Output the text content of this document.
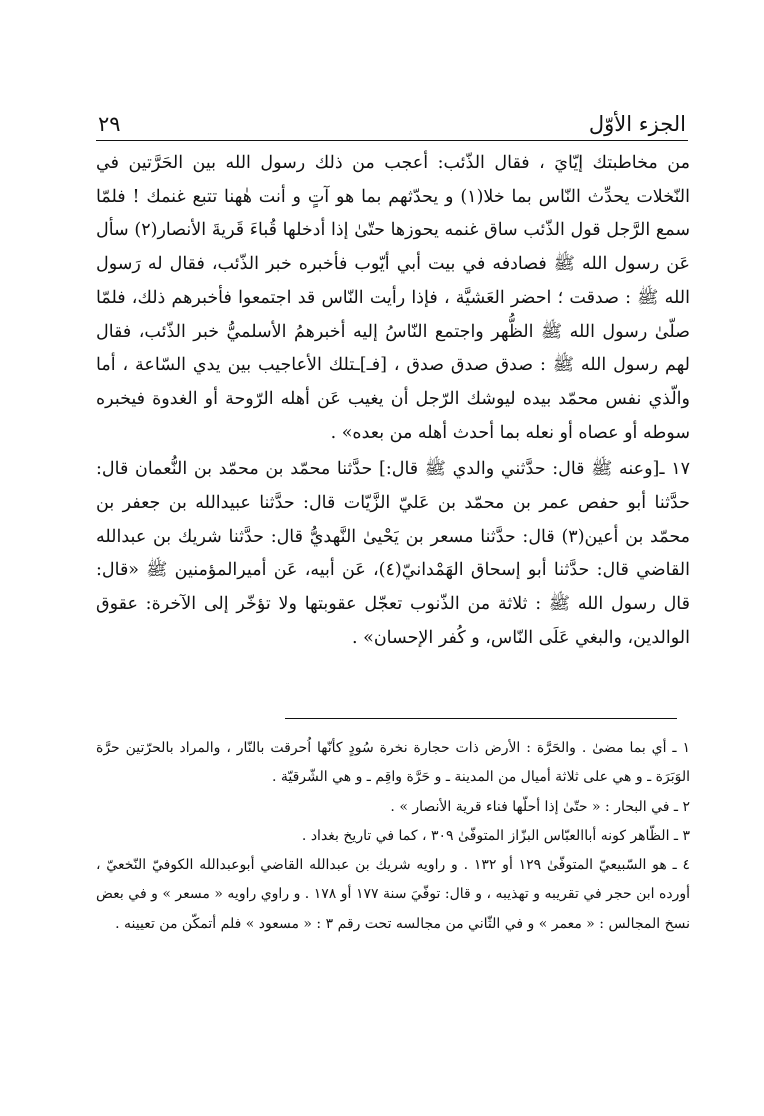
٢٩	الجزء الأوّل

من مخاطبتك إيّايَ ، فقال الذّئب: أعجب من ذلك رسول الله بين الحَرَّتين في النّخلات يحدِّث النّاس بما خلا(١) و يحدّثهم بما هو آتٍ و أنت هٰهنا تتبع غنمك ! فلمّا سمع الرَّجل قول الذّئب ساق غنمه يحوزها حتّىٰ إذا أدخلها قُباءَ قَريةَ الأنصار(٢) سأل عَن رسول الله ﷺ فصادفه في بيت أبي أيّوب فأخبره خبر الذّئب، فقال له رَسول الله ﷺ : صدقت ؛ احضر العَشيَّة ، فإذا رأيت النّاس قد اجتمعوا فأخبرهم ذلك، فلمّا صلّىٰ رسول الله ﷺ الظُّهر واجتمع النّاسُ إليه أخبرهمُ الأسلميُّ خبر الذّئب، فقال لهم رسول الله ﷺ : صدق صدق صدق ، [فـ]ـتلك الأعاجيب بين يدي السّاعة ، أما والّذي نفس محمّد بيده ليوشك الرّجل أن يغيب عَن أهله الرّوحة أو الغدوة فيخبره سوطه أو عصاه أو نعله بما أحدث أهله من بعده» .

١٧ ـ[وعنه ﷺ قال: حدَّثني والدي ﷺ قال:] حدَّثنا محمّد بن محمّد بن النُّعمان قال: حدَّثنا أبو حفص عمر بن محمّد بن عَليّ الزَّيّات قال: حدَّثنا عبيدالله بن جعفر بن محمّد بن أعين(٣) قال: حدَّثنا مسعر بن يَحْيىٰ النَّهديُّ قال: حدَّثنا شريك بن عبدالله القاضي قال: حدَّثنا أبو إسحاق الهَمْدانيّ(٤)، عَن أبيه، عَن أميرالمؤمنين ﷺ «قال: قال رسول الله ﷺ : ثلاثة من الذّنوب تعجّل عقوبتها ولا تؤخّر إلى الآخرة: عقوق الوالدين، والبغي عَلَى النّاس، و كُفر الإحسان» .

١ ـ أي بما مضىٰ . والحَرَّة : الأرض ذات حجارة نخرة سُودٍ كأنّها اُحرقت بالنّار ، والمراد بالحرّتين حرَّة الوَبَرَة ـ و هي على ثلاثة أميال من المدينة ـ و حَرَّة واقِم ـ و هي الشّرقيّة .

٢ ـ في البحار : « حتّىٰ إذا أحلّها فناء قرية الأنصار » .

٣ ـ الظّاهر كونه أباالعبّاس البزّاز المتوفّىٰ ٣٠٩ ، كما في تاريخ بغداد .

٤ ـ هو السّبيعيّ المتوفّىٰ ١٢٩ أو ١٣٢ . و راويه شريك بن عبدالله القاضي أبوعبدالله الكوفيّ النّخعيّ ، أورده ابن حجر في تقريبه و تهذيبه ، و قال: توفّيَ سنة ١٧٧ أو ١٧٨ . و راوي راويه « مسعر » و في بعض نسخ المجالس : « معمر » و في الثّاني من مجالسه تحت رقم ٣ : « مسعود » فلم أتمكّن من تعيينه .
